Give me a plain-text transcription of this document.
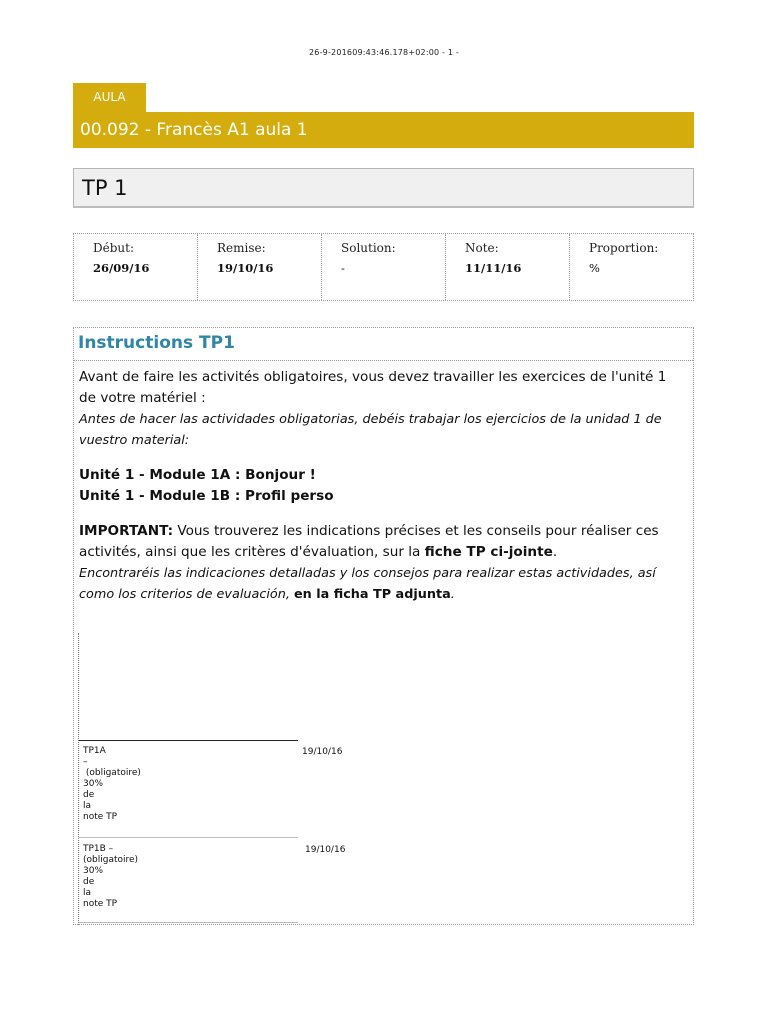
26-9-201609:43:46.178+02:00 - 1 -
AULA
00.092 - Francès A1 aula 1
TP 1
Début:
26/09/16
Remise:
19/10/16
Solution:
-
Note:
11/11/16
Proportion:
%
Instructions TP1

Avant de faire les activités obligatoires, vous devez travailler les exercices de l'unité 1 de votre matériel :

Antes de hacer las actividades obligatorias, debéis trabajar los ejercicios de la unidad 1 de vuestro material:

Unité 1 - Module 1A : Bonjour !

Unité 1 - Module 1B : Profil perso

IMPORTANT: Vous trouverez les indications précises et les conseils pour réaliser ces activités, ainsi que les critères d'évaluation, sur la fiche TP ci-jointe.

Encontraréis las indicaciones detalladas y los consejos para realizar estas actividades, así como los criterios de evaluación, en la ficha TP adjunta.

TP1A
–
(obligatoire)
30%
de
la
note TP
19/10/16
TP1B –
(obligatoire)
30%
de
la
note TP
19/10/16
